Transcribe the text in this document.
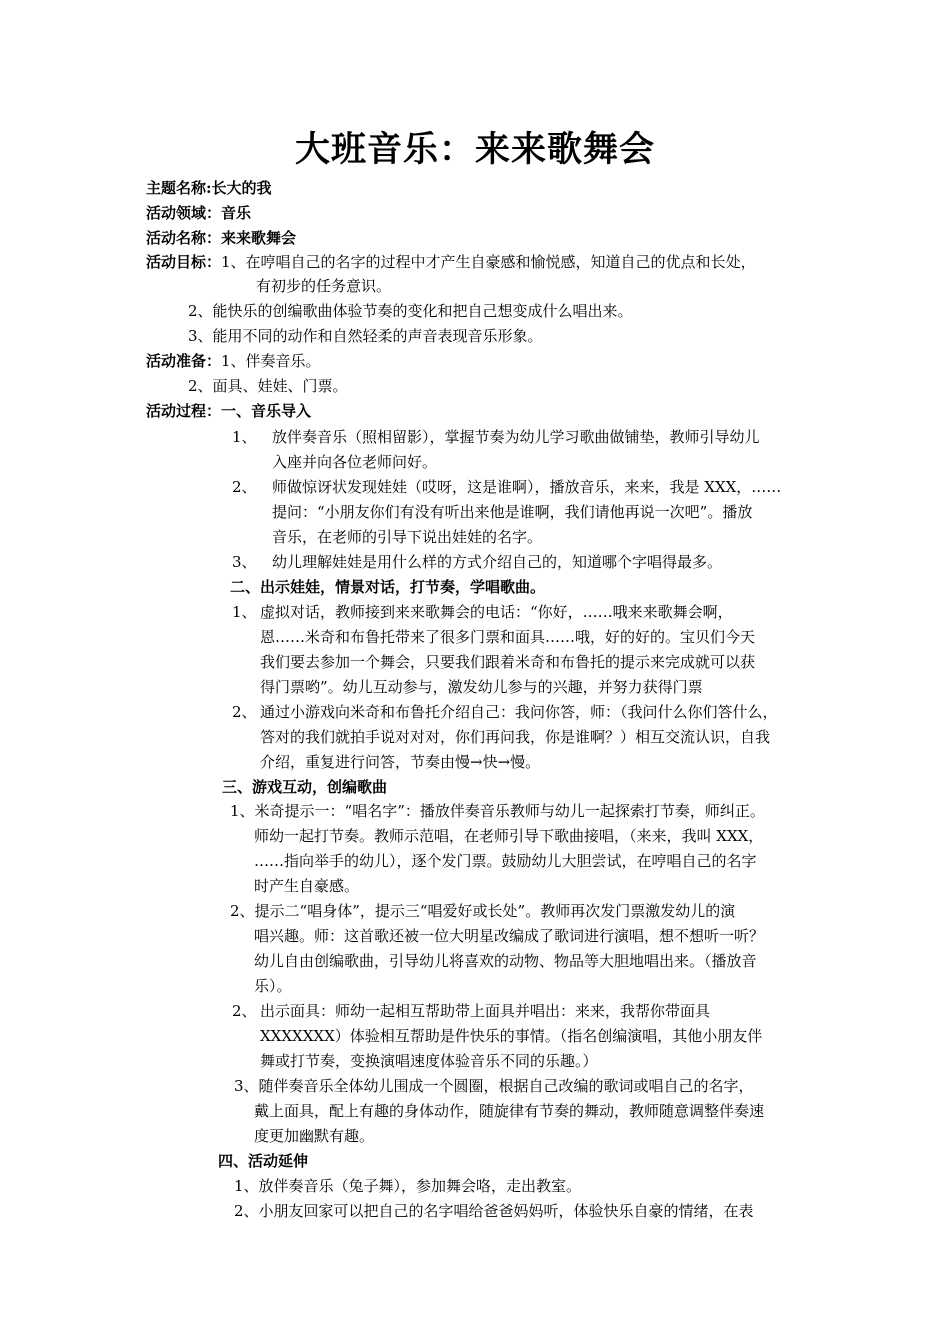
大班音乐：来来歌舞会
主题名称:长大的我
活动领域：音乐
活动名称：来来歌舞会
活动目标：1、在哼唱自己的名字的过程中才产生自豪感和愉悦感，知道自己的优点和长处，
有初步的任务意识。
2、能快乐的创编歌曲体验节奏的变化和把自己想变成什么唱出来。
3、能用不同的动作和自然轻柔的声音表现音乐形象。
活动准备：1、伴奏音乐。
2、面具、娃娃、门票。
活动过程：一、音乐导入
1、 放伴奏音乐（照相留影），掌握节奏为幼儿学习歌曲做铺垫，教师引导幼儿
入座并向各位老师问好。
2、 师做惊讶状发现娃娃（哎呀，这是谁啊），播放音乐，来来，我是 XXX，……
提问：“小朋友你们有没有听出来他是谁啊，我们请他再说一次吧”。播放
音乐，在老师的引导下说出娃娃的名字。
3、 幼儿理解娃娃是用什么样的方式介绍自己的，知道哪个字唱得最多。
二、出示娃娃，情景对话，打节奏，学唱歌曲。
1、 虚拟对话，教师接到来来歌舞会的电话：“你好，……哦来来歌舞会啊，
恩……米奇和布鲁托带来了很多门票和面具……哦，好的好的。宝贝们今天
我们要去参加一个舞会，只要我们跟着米奇和布鲁托的提示来完成就可以获
得门票哟”。幼儿互动参与，激发幼儿参与的兴趣，并努力获得门票
2、 通过小游戏向米奇和布鲁托介绍自己：我问你答，师：（我问什么你们答什么，
答对的我们就拍手说对对对，你们再问我，你是谁啊？）相互交流认识，自我
介绍，重复进行问答，节奏由慢→快→慢。
三、游戏互动，创编歌曲
1、米奇提示一：“唱名字”：播放伴奏音乐教师与幼儿一起探索打节奏，师纠正。
师幼一起打节奏。教师示范唱，在老师引导下歌曲接唱，（来来，我叫 XXX，
……指向举手的幼儿），逐个发门票。鼓励幼儿大胆尝试，在哼唱自己的名字
时产生自豪感。
2、提示二“唱身体”，提示三“唱爱好或长处”。教师再次发门票激发幼儿的演
唱兴趣。师：这首歌还被一位大明星改编成了歌词进行演唱，想不想听一听？
幼儿自由创编歌曲，引导幼儿将喜欢的动物、物品等大胆地唱出来。（播放音
乐）。
2、 出示面具：师幼一起相互帮助带上面具并唱出：来来，我帮你带面具
XXXXXXX）体验相互帮助是件快乐的事情。（指名创编演唱，其他小朋友伴
舞或打节奏，变换演唱速度体验音乐不同的乐趣。）
3、随伴奏音乐全体幼儿围成一个圆圈，根据自己改编的歌词或唱自己的名字，
戴上面具，配上有趣的身体动作，随旋律有节奏的舞动，教师随意调整伴奏速
度更加幽默有趣。
四、活动延伸
1、放伴奏音乐（兔子舞），参加舞会咯，走出教室。
2、小朋友回家可以把自己的名字唱给爸爸妈妈听，体验快乐自豪的情绪，在表
